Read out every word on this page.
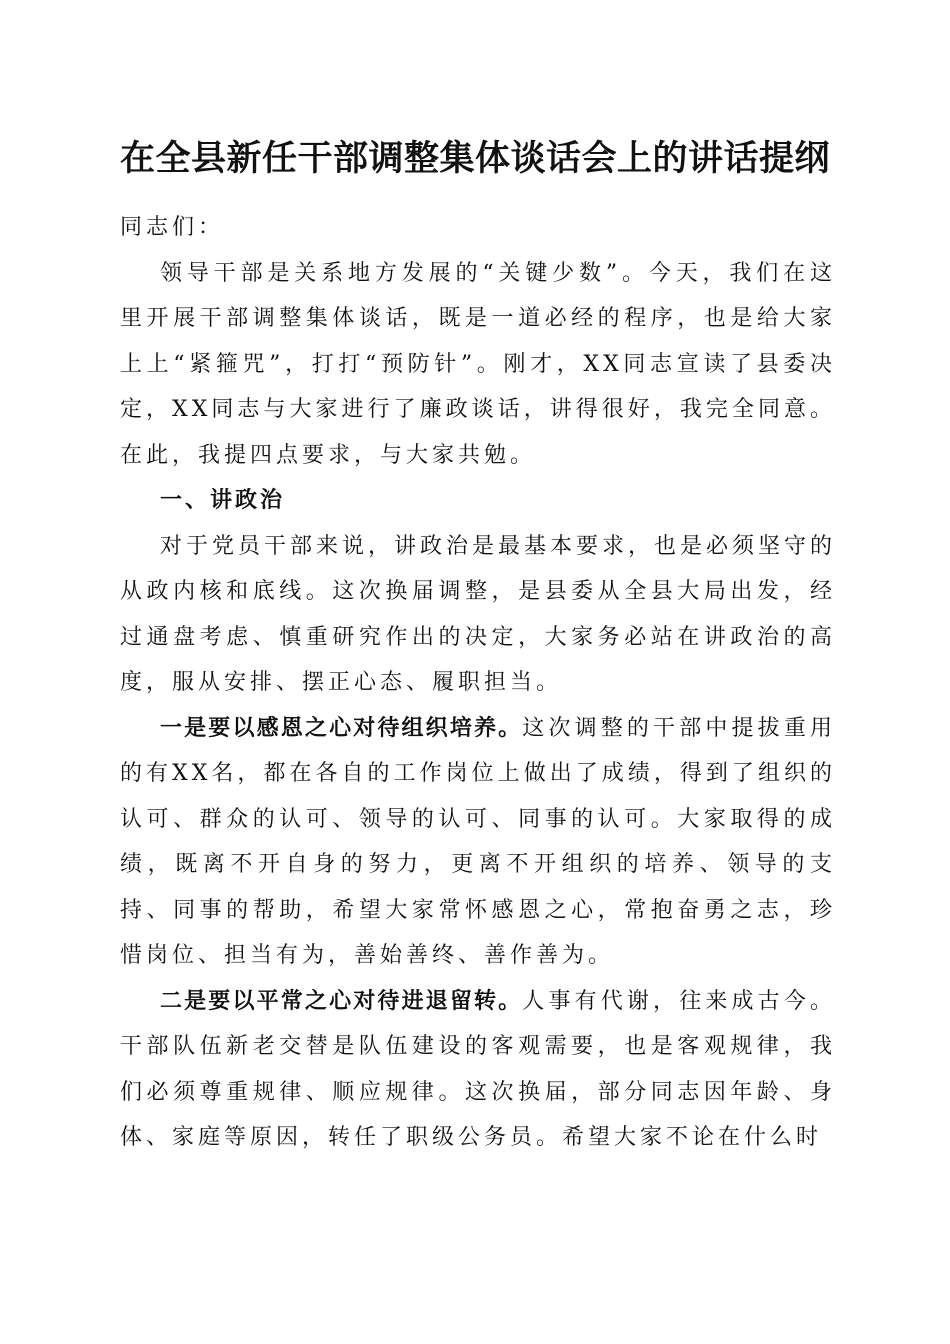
在全县新任干部调整集体谈话会上的讲话提纲

同志们：

领导干部是关系地方发展的“关键少数”。今天，我们在这里开展干部调整集体谈话，既是一道必经的程序，也是给大家上上“紧箍咒”，打打“预防针”。刚才，XX同志宣读了县委决定，XX同志与大家进行了廉政谈话，讲得很好，我完全同意。在此，我提四点要求，与大家共勉。

一、讲政治

对于党员干部来说，讲政治是最基本要求，也是必须坚守的从政内核和底线。这次换届调整，是县委从全县大局出发，经过通盘考虑、慎重研究作出的决定，大家务必站在讲政治的高度，服从安排、摆正心态、履职担当。

一是要以感恩之心对待组织培养。这次调整的干部中提拔重用的有XX名，都在各自的工作岗位上做出了成绩，得到了组织的认可、群众的认可、领导的认可、同事的认可。大家取得的成绩，既离不开自身的努力，更离不开组织的培养、领导的支持、同事的帮助，希望大家常怀感恩之心，常抱奋勇之志，珍惜岗位、担当有为，善始善终、善作善为。

二是要以平常之心对待进退留转。人事有代谢，往来成古今。干部队伍新老交替是队伍建设的客观需要，也是客观规律，我们必须尊重规律、顺应规律。这次换届，部分同志因年龄、身体、家庭等原因，转任了职级公务员。希望大家不论在什么时
